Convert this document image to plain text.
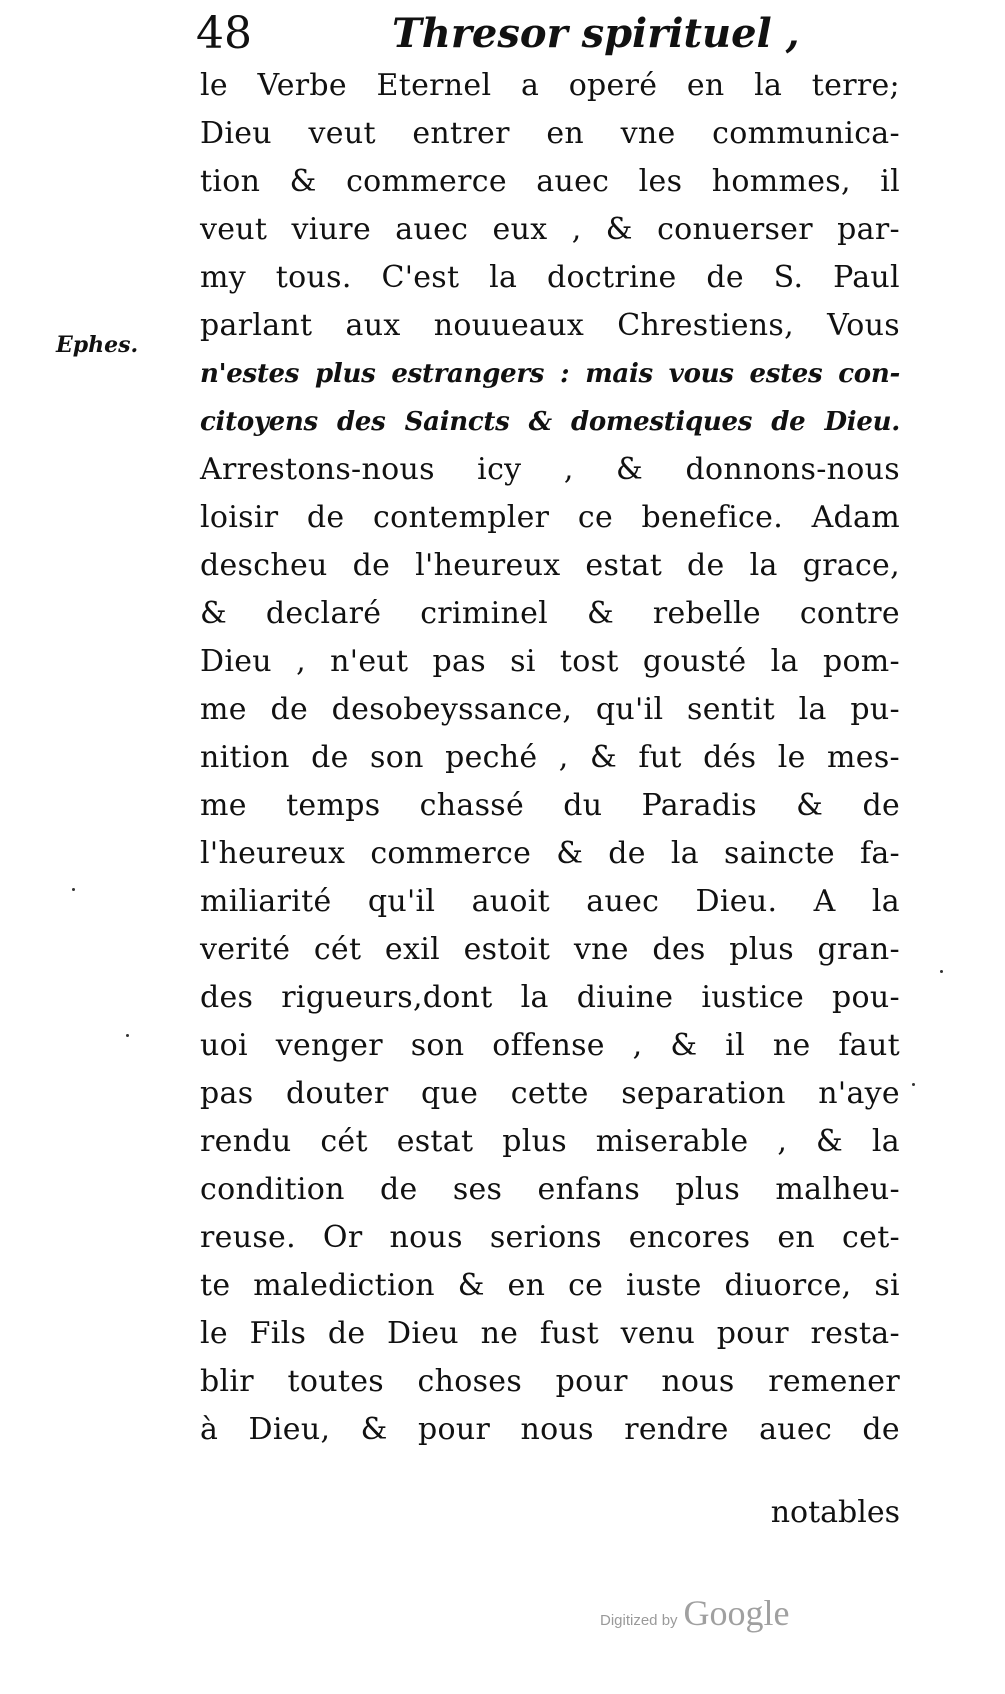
48	Thresor spirituel ,
Ephes.
le Verbe Eternel a operé en la terre;
Dieu veut entrer en vne communica-
tion & commerce auec les hommes, il
veut viure auec eux , & conuerser par-
my tous. C'est la doctrine de S. Paul
parlant aux nouueaux Chrestiens, Vous
n'estes plus estrangers : mais vous estes con-
citoyens des Saincts & domestiques de Dieu.
Arrestons-nous icy , & donnons-nous
loisir de contempler ce benefice. Adam
descheu de l'heureux estat de la grace,
& declaré criminel & rebelle contre
Dieu , n'eut pas si tost gousté la pom-
me de desobeyssance, qu'il sentit la pu-
nition de son peché , & fut dés le mes-
me temps chassé du Paradis & de
l'heureux commerce & de la saincte fa-
miliarité qu'il auoit auec Dieu. A la
verité cét exil estoit vne des plus gran-
des rigueurs,dont la diuine iustice pou-
uoi venger son offense , & il ne faut
pas douter que cette separation n'aye
rendu cét estat plus miserable , & la
condition de ses enfans plus malheu-
reuse. Or nous serions encores en cet-
te malediction & en ce iuste diuorce, si
le Fils de Dieu ne fust venu pour resta-
blir toutes choses pour nous remener
à Dieu, & pour nous rendre auec de
notables
Digitized by Google
